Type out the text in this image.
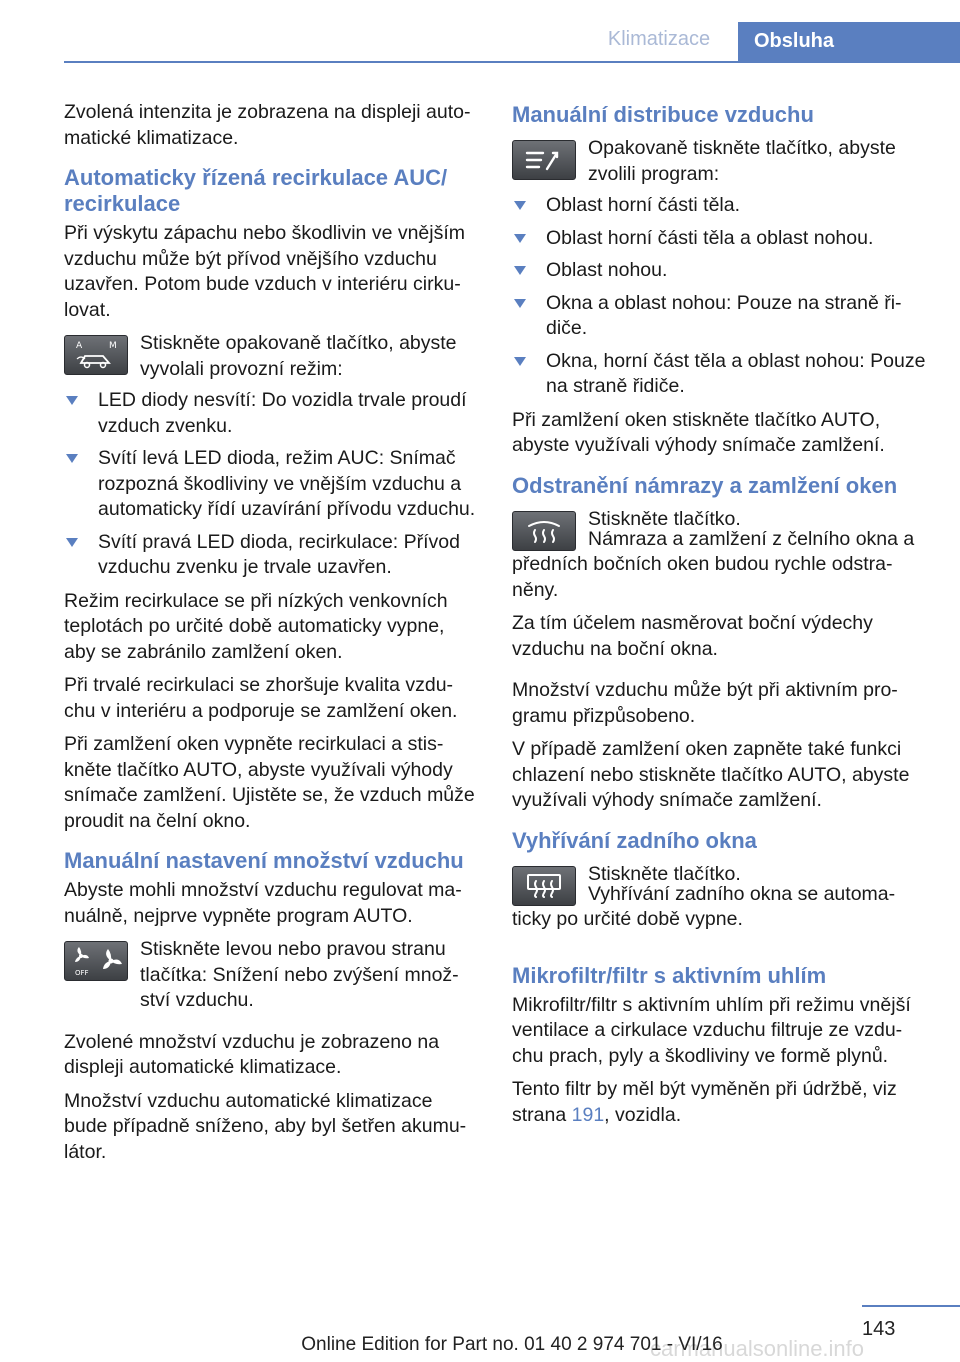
Klimatizace	Obsluha

Zvolená intenzita je zobrazena na displeji auto‐matické klimatizace.

Automaticky řízená recirkulace AUC/ recirkulace

Při výskytu zápachu nebo škodlivin ve vnějším vzduchu může být přívod vnějšího vzduchu uzavřen. Potom bude vzduch v interiéru cirku‐lovat.

A	M Stiskněte opakovaně tlačítko, abyste vyvolali provozní režim:
LED diody nesvítí: Do vozidla trvale proudí vzduch zvenku.
Svítí levá LED dioda, režim AUC: Snímač rozpozná škodliviny ve vnějším vzduchu a automaticky řídí uzavírání přívodu vzduchu.
Svítí pravá LED dioda, recirkulace: Přívod vzduchu zvenku je trvale uzavřen.

Režim recirkulace se při nízkých venkovních teplotách po určité době automaticky vypne, aby se zabránilo zamlžení oken.

Při trvalé recirkulaci se zhoršuje kvalita vzdu‐chu v interiéru a podporuje se zamlžení oken.

Při zamlžení oken vypněte recirkulaci a stis‐kněte tlačítko AUTO, abyste využívali výhody snímače zamlžení. Ujistěte se, že vzduch může proudit na čelní okno.

Manuální nastavení množství vzduchu

Abyste mohli množství vzduchu regulovat ma‐nuálně, nejprve vypněte program AUTO.

OFF
Stiskněte levou nebo pravou stranu tlačítka: Snížení nebo zvýšení množ‐ství vzduchu.

Zvolené množství vzduchu je zobrazeno na displeji automatické klimatizace.

Množství vzduchu automatické klimatizace bude případně sníženo, aby byl šetřen akumu‐látor.

Manuální distribuce vzduchu
Opakovaně tiskněte tlačítko, abyste zvolili program:
Oblast horní části těla.
Oblast horní části těla a oblast nohou.
Oblast nohou.
Okna a oblast nohou: Pouze na straně ři‐diče.
Okna, horní část těla a oblast nohou: Pouze na straně řidiče.

Při zamlžení oken stiskněte tlačítko AUTO, abyste využívali výhody snímače zamlžení.

Odstranění námrazy a zamlžení oken

Stiskněte tlačítko.

Námraza a zamlžení z čelního okna a předních bočních oken budou rychle odstra‐něny.

Za tím účelem nasměrovat boční výdechy vzduchu na boční okna.

Množství vzduchu může být při aktivním pro‐gramu přizpůsobeno.

V případě zamlžení oken zapněte také funkci chlazení nebo stiskněte tlačítko AUTO, abyste využívali výhody snímače zamlžení.

Vyhřívání zadního okna

Stiskněte tlačítko.

Vyhřívání zadního okna se automa‐ticky po určité době vypne.

Mikrofiltr/filtr s aktivním uhlím

Mikrofiltr/filtr s aktivním uhlím při režimu vnější ventilace a cirkulace vzduchu filtruje ze vzdu‐chu prach, pyly a škodliviny ve formě plynů.

Tento filtr by měl být vyměněn při údržbě, viz strana 191, vozidla.

143
carmanualsonline.info
Online Edition for Part no. 01 40 2 974 701 - VI/16
